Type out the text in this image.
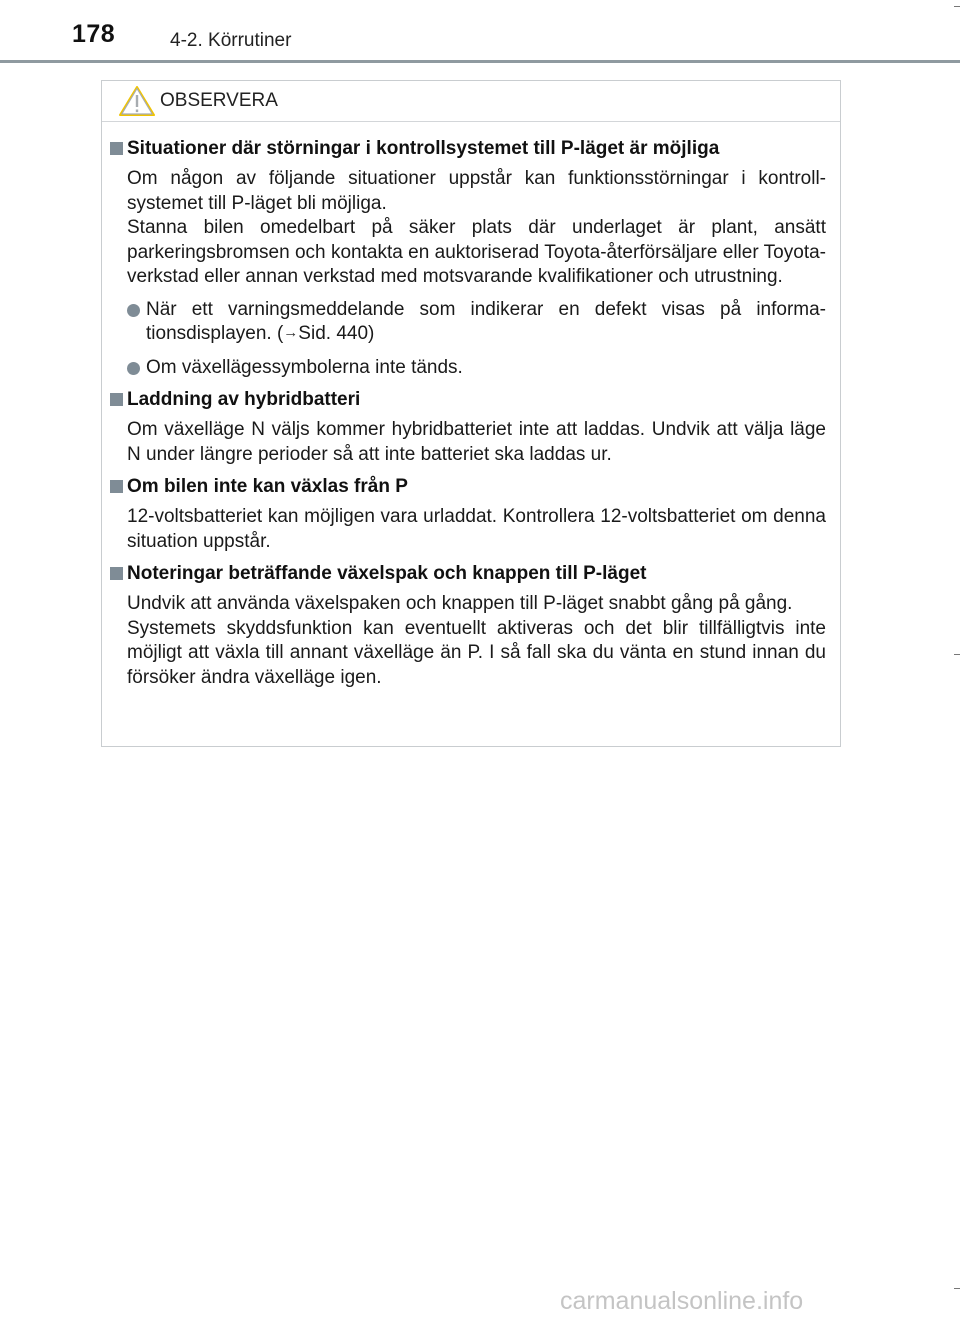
178	4-2. Körrutiner
OBSERVERA
Situationer där störningar i kontrollsystemet till P-läget är möjliga
Om någon av följande situationer uppstår kan funktionsstörningar i kontroll-systemet till P-läget bli möjliga.
Stanna bilen omedelbart på säker plats där underlaget är plant, ansätt parkeringsbromsen och kontakta en auktoriserad Toyota-återförsäljare eller Toyota-verkstad eller annan verkstad med motsvarande kvalifikationer och utrustning.
När ett varningsmeddelande som indikerar en defekt visas på informa-tionsdisplayen. (→Sid. 440)
Om växellägessymbolerna inte tänds.
Laddning av hybridbatteri
Om växelläge N väljs kommer hybridbatteriet inte att laddas. Undvik att välja läge N under längre perioder så att inte batteriet ska laddas ur.
Om bilen inte kan växlas från P
12-voltsbatteriet kan möjligen vara urladdat. Kontrollera 12-voltsbatteriet om denna situation uppstår.
Noteringar beträffande växelspak och knappen till P-läget
Undvik att använda växelspaken och knappen till P-läget snabbt gång på gång.
Systemets skyddsfunktion kan eventuellt aktiveras och det blir tillfälligtvis inte möjligt att växla till annant växelläge än P. I så fall ska du vänta en stund innan du försöker ändra växelläge igen.
carmanualsonline.info
